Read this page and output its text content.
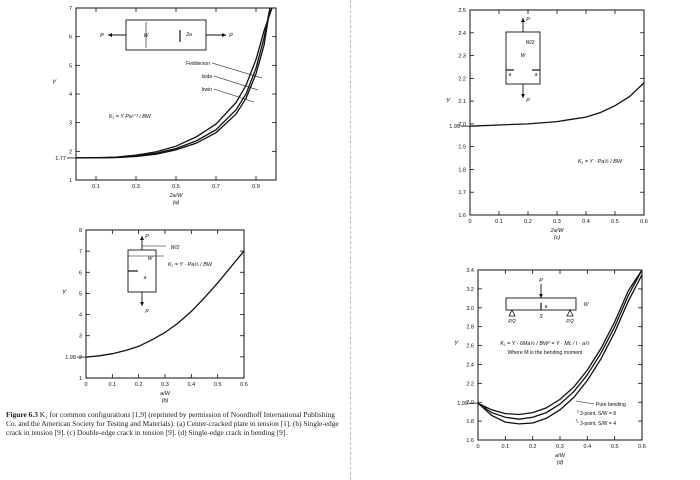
1
2
3
4
5
6
7
0.1	0.3	0.5	0.7	0.9
2a/W
(a)
Y
1.77
K₁ = Y Pa¹ᐟ² / BW
1
2
3
4
5
6
7
8
0	0.1	0.2	0.3	0.4	0.5	0.6
a/W
(b)
Y
1.99
K₁ = Y · Pa½ / BW
1.6
1.7
1.8
1.9
2.0
2.1
2.2
2.3
2.4
2.5
0	0.1	0.2	0.3	0.4	0.5	0.6
2a/W
(c)
Y
1.99
K₁ = Y · Pa½ / BW
1.6
1.8
2.0
2.2
2.4
2.6
2.8
3.0
3.2
3.4
0	0.1	0.2	0.3	0.4	0.5	0.6
a/W
(d)
Y
1.99
K₁ = Y · 6Ma½ / BW² = Y · Mc / I · a½
Where M is the bending moment
Fedderson
Isida
Irwin
Pure bending
3-point, S/W = 8
3-point, S/W = 4
P	P
W	2a
P
P
W/2
W
a
P
P
W/2
W
a	a
P
P/2	P/2
S
W
a
Figure 6.3 K₁ for common configurations [1,9] (reprinted by permission of Noordhoff International Publishing Co. and the American Society for Testing and Materials). (a) Center-cracked plate in tension [1]. (b) Single-edge crack in tension [9]. (c) Double-edge crack in tension [9]. (d) Single-edge crack in bending [9].
